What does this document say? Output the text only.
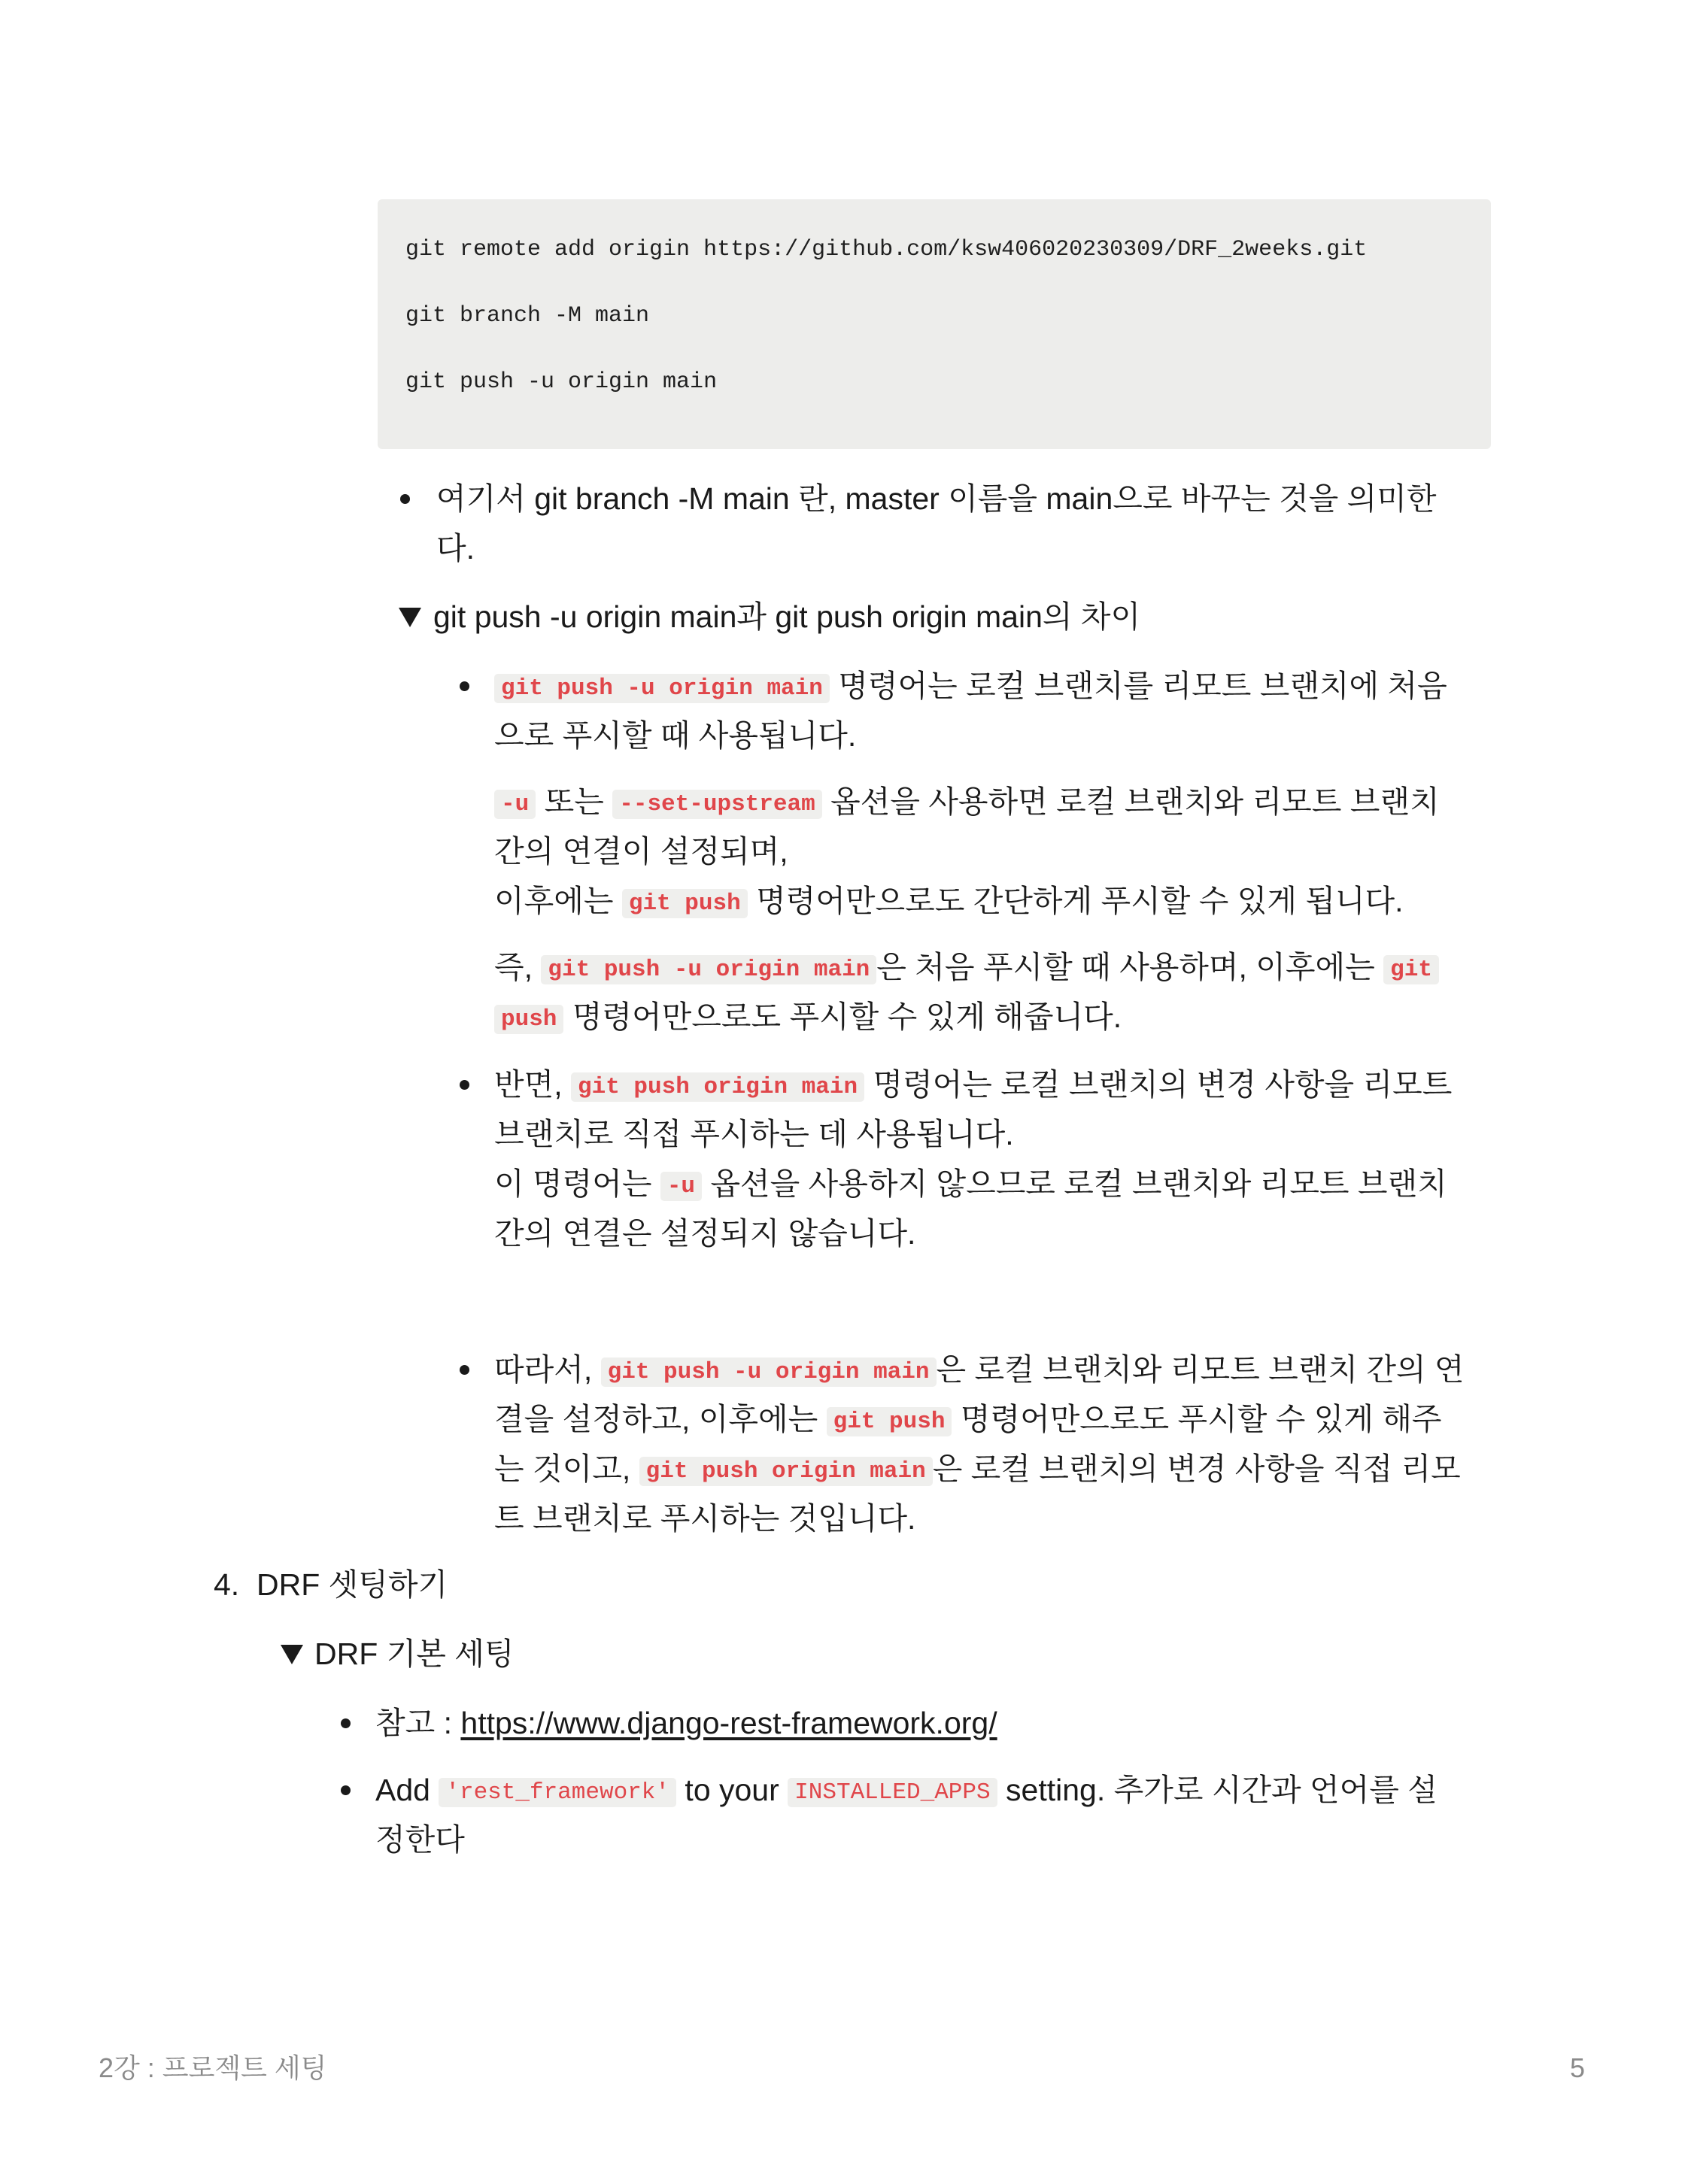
git remote add origin https://github.com/ksw406020230309/DRF_2weeks.git
git branch -M main
git push -u origin main
여기서 git branch -M main 란, master 이름을 main으로 바꾸는 것을 의미한
다.
git push -u origin main과 git push origin main의 차이
git push -u origin main 명령어는 로컬 브랜치를 리모트 브랜치에 처음
으로 푸시할 때 사용됩니다.
-u 또는 --set-upstream 옵션을 사용하면 로컬 브랜치와 리모트 브랜치
간의 연결이 설정되며,
이후에는 git push 명령어만으로도 간단하게 푸시할 수 있게 됩니다.
즉, git push -u origin main 은 처음 푸시할 때 사용하며, 이후에는 git
push 명령어만으로도 푸시할 수 있게 해줍니다.
반면, git push origin main 명령어는 로컬 브랜치의 변경 사항을 리모트
브랜치로 직접 푸시하는 데 사용됩니다.
이 명령어는 -u 옵션을 사용하지 않으므로 로컬 브랜치와 리모트 브랜치
간의 연결은 설정되지 않습니다.
따라서, git push -u origin main 은 로컬 브랜치와 리모트 브랜치 간의 연
결을 설정하고, 이후에는 git push 명령어만으로도 푸시할 수 있게 해주
는 것이고, git push origin main 은 로컬 브랜치의 변경 사항을 직접 리모
트 브랜치로 푸시하는 것입니다.
4. DRF 셋팅하기
DRF 기본 세팅
참고 : https://www.django-rest-framework.org/
Add 'rest_framework' to your INSTALLED_APPS setting. 추가로 시간과 언어를 설
정한다
2강 : 프로젝트 세팅	5
